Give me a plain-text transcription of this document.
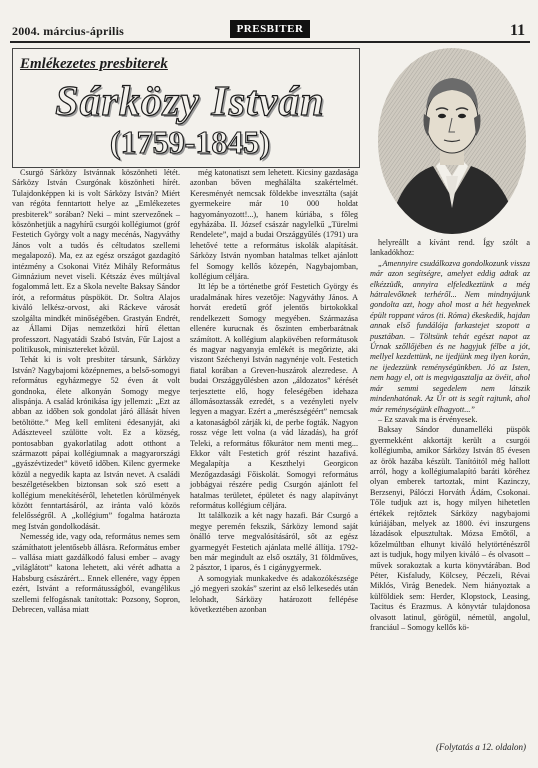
2004. március-április	PRESBITER	11
Emlékezetes presbiterek
Sárközy István
(1759-1845)

Csurgó Sárközy Istvánnak köszönheti létét. Sárközy István Csurgónak köszönheti hírét. Tulajdonképpen ki is volt Sárközy István? Miért van régóta fenntartott helye az „Emlékezetes presbiterek” sorában? Neki – mint szervezőnek – köszönhetjük a nagyhírű csurgói kollégiumot (gróf Festetich György volt a nagy mecénás, Nagyváthy János volt a tudós és céltudatos szellemi megalapozó). Ma, ez az egész országot gazdagító intézmény a Csokonai Vitéz Mihály Református Gimnázium nevet viseli. Kétszáz éves múltjával fogalommá lett. Ez a Skola nevelte Baksay Sándor írót, a református püspököt. Dr. Soltra Alajos kiváló lelkész-orvost, aki Ráckeve városát szolgálta mindkét minőségében. Grastyán Endrét, az Állami Díjas nemzetközi hírű élettan professzort. Nagyatádi Szabó István, Fűr Lajost a politikusok, minisztereket közül.

Tehát ki is volt presbiter társunk, Sárközy István? Nagybajomi középnemes, a belső-somogyi református egyházmegye 52 éven át volt gondnoka, élete alkonyán Somogy megye alispánja. A család krónikása így jellemzi: „Ezt az abban az időben sok gondolat járó állását híven betöltötte.” Meg kell említeni édesanyját, aki Adászteveel szülötte volt. Ez a község, pontosabban gyakorlatilag adott otthont a származott pápai kollégiumnak a magyarországi „gyászévtizedet” követő időben. Kilenc gyermeke közül a negyedik kapta az István nevet. A családi beszélgetésekben biztonsan sok szó esett a kollégium menekítéséről, lehetetlen körülmények között fenntartásáról, az iránta való közös felelősségről. A „kollégium” fogalma határozta meg István gondolkodását.

Nemesség ide, vagy oda, református nemes sem számíthatott jelentősebb állásra. Református ember – vallása miatt gazdálkodó falusi ember – avagy „világlátott” katona lehetett, aki vérét adhatta a Habsburg császárért... Ennek ellenére, vagy éppen ezért, Istvánt a reformátusságból, evangélikus szellemi felfogásnak tanítottak: Pozsony, Sopron, Debrecen, vallása miatt

még katonatiszt sem lehetett. Kicsiny gazdasága azonban bőven meghálálta szakértelmét. Keresményét nemcsak földekbe invesztálta (saját gyermekeire már 10 000 holdat hagyományozott!...), hanem kúriába, s főleg egyházába. II. József császár nagylelkű „Türelmi Rendelete”, majd a budai Országgyűlés (1791) ura lehetővé tette a református iskolák alapítását. Sárközy István nyomban hatalmas telket ajánlott fel Somogy kellős közepén, Nagybajomban, kollégium céljára.

Itt lép be a történetbe gróf Festetich György és uradalmának híres vezetője: Nagyváthy János. A horvát eredetű gróf jelentős birtokokkal rendelkezett Somogy megyében. Származása ellenére kurucnak és őszinten emberbarátnak számított. A kollégium alapkövében reformátusok és magyar nagyanyja emlékét is megőrizte, aki viszont Széchenyi István nagynénje volt. Festetich fiatal korában a Greven-huszárok alezredese. A budai Országgyűlésben azon „áldozatos” kérését terjesztette elő, hogy feleségében idehaza állomásoztassák ezredét, s a vezényleti nyelv legyen a magyar. Ezért a „merészségéért” nemcsak a katonaságból zárják ki, de perbe fogták. Nagyon rossz vége lett volna (a vád lázadás), ha gróf Teleki, a református főkurátor nem menti meg... Ekkor vált Festetich gróf részint hazafivá. Megalapítja a Keszthelyi Georgicon Mezőgazdasági Főiskolát. Somogyi református jobbágyai részére pedig Csurgón ajánlott fel hatalmas területet, épületet és nagy alapítványt református kollégium céljára.

Itt találkozik a két nagy hazafi. Bár Csurgó a megye peremén fekszik, Sárközy lemond saját önálló terve megvalósításáról, sőt az egész gyarmegyét Festetich ajánlata mellé állítja. 1792-ben már megindult az első osztály, 31 földműves, 2 pásztor, 1 iparos, és 1 cigánygyermek.

A somogyiak munkakedve és adakozókészsége „jó megyeri szokás” szerint az első lelkesedés után lelohadt, Sárközy határozott fellépése következtében azonban

helyreállt a kívánt rend. Így szólt a lankadókhoz:

„Amennyire csudálkozva gondolkozunk vissza már azon segítségre, amelyet eddig adtak az elkézzüdk, annyira elfeledkeztünk a még hátralevőknek terhéről... Nem mindnyájunk gondolta azt, hogy ahol most a hét hegyeknek épült roppant város (ti. Róma) ékeskedik, hajdan annak első fundálója farkastejet szopott a pusztában. – Töltsünk tehát egészt napot az Úrnak szőllőjében és ne hagyjuk félbe a jót, mellyel kezdettünk, ne ijedjünk meg ilyen korán, ne ijedezzünk reménységünkben. Jó az Isten, nem hagy el, ott is megvigasztalja az övéit, ahol már semmi segedelem nem látszik mindenhatónak. Az Úr ott is segít rajtunk, ahol már reménységünk elhagyott...”

– Ez szavak ma is érvényesek.

Baksay Sándor dunamelléki püspök gyermekként akkortájt került a csurgói kollégiumba, amikor Sárközy István 85 évesen az örök hazába készült. Tanítóitól még hallott arról, hogy a kollégiumalapító baráti köréhez olyan emberek tartoztak, mint Kazinczy, Berzsenyi, Pálóczi Horváth Ádám, Csokonai. Tőle tudjuk azt is, hogy milyen hihetetlen értékek rejtőztek Sárközy nagybajomi kúriájában, melyek az 1800. évi inszurgens lázadások elpusztultak. Mózsa Emőtől, a kőzelmúltban elhunyt kiváló helytörténészről azt is tudjuk, hogy milyen kiváló – és olvasott – művek sorakoztak a kurta könyvtárában. Bod Péter, Kisfaludy, Kölcsey, Péczeli, Révai Miklós, Virág Benedek. Nem hiányoztak a külföldiek sem: Herder, Klopstock, Leasing, Tacitus és Erazmus. A könyvtár tulajdonosa olvasott latinul, görögül, németül, angolul, franciául – Somogy kellős kö-

(Folytatás a 12. oldalon)
